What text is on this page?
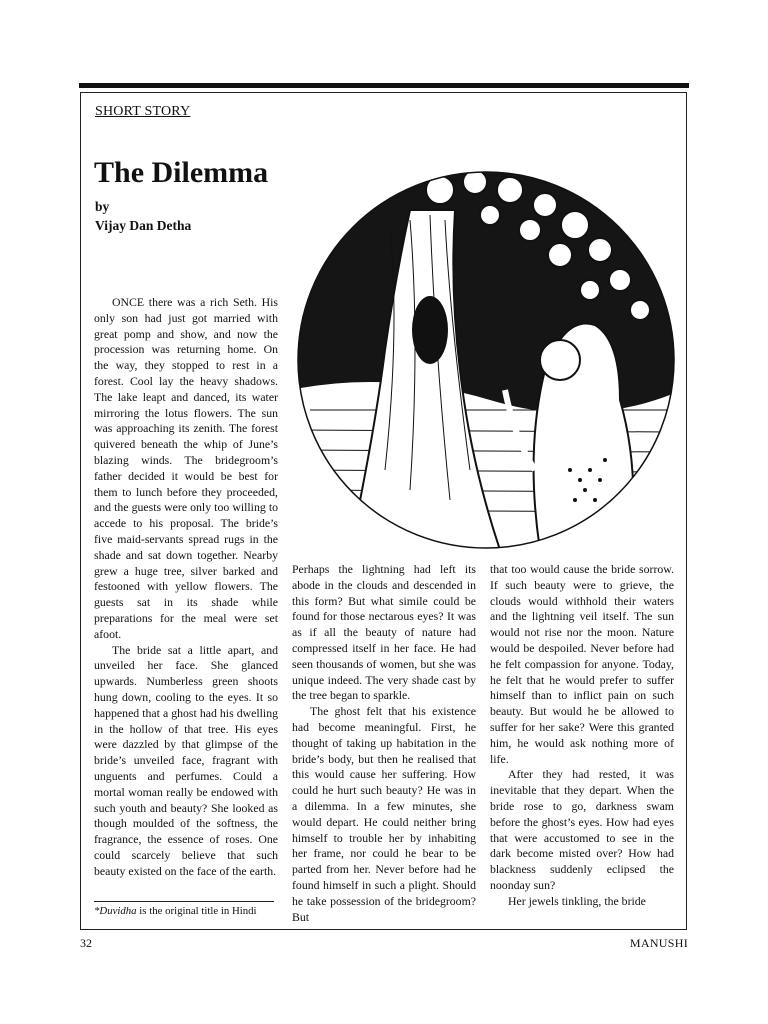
SHORT STORY
The Dilemma
by
Vijay Dan Detha

ONCE there was a rich Seth. His only son had just got married with great pomp and show, and now the procession was returning home. On the way, they stopped to rest in a forest. Cool lay the heavy shadows. The lake leapt and danced, its water mirroring the lotus flowers. The sun was approaching its zenith. The forest quivered beneath the whip of June’s blazing winds. The bridegroom’s father decided it would be best for them to lunch before they proceeded, and the guests were only too willing to accede to his proposal. The bride’s five maid-servants spread rugs in the shade and sat down together. Nearby grew a huge tree, silver barked and festooned with yellow flowers. The guests sat in its shade while preparations for the meal were set afoot.

The bride sat a little apart, and unveiled her face. She glanced upwards. Numberless green shoots hung down, cooling to the eyes. It so happened that a ghost had his dwelling in the hollow of that tree. His eyes were dazzled by that glimpse of the bride’s unveiled face, fragrant with unguents and perfumes. Could a mortal woman really be endowed with such youth and beauty? She looked as though moulded of the softness, the fragrance, the essence of roses. One could scarcely believe that such beauty existed on the face of the earth.

Perhaps the lightning had left its abode in the clouds and descended in this form? But what simile could be found for those nectarous eyes? It was as if all the beauty of nature had compressed itself in her face. He had seen thousands of women, but she was unique indeed. The very shade cast by the tree began to sparkle.

The ghost felt that his existence had become meaningful. First, he thought of taking up habitation in the bride’s body, but then he realised that this would cause her suffering. How could he hurt such beauty? He was in a dilemma. In a few minutes, she would depart. He could neither bring himself to trouble her by inhabiting her frame, nor could he bear to be parted from her. Never before had he found himself in such a plight. Should he take possession of the bridegroom? But

that too would cause the bride sorrow. If such beauty were to grieve, the clouds would withhold their waters and the lightning veil itself. The sun would not rise nor the moon. Nature would be despoiled. Never before had he felt compassion for anyone. Today, he felt that he would prefer to suffer himself than to inflict pain on such beauty. But would he be allowed to suffer for her sake? Were this granted him, he would ask nothing more of life.

After they had rested, it was inevitable that they depart. When the bride rose to go, darkness swam before the ghost’s eyes. How had eyes that were accustomed to see in the dark become misted over? How had blackness suddenly eclipsed the noonday sun?

Her jewels tinkling, the bride

*Duvidha is the original title in Hindi
32	MANUSHI
